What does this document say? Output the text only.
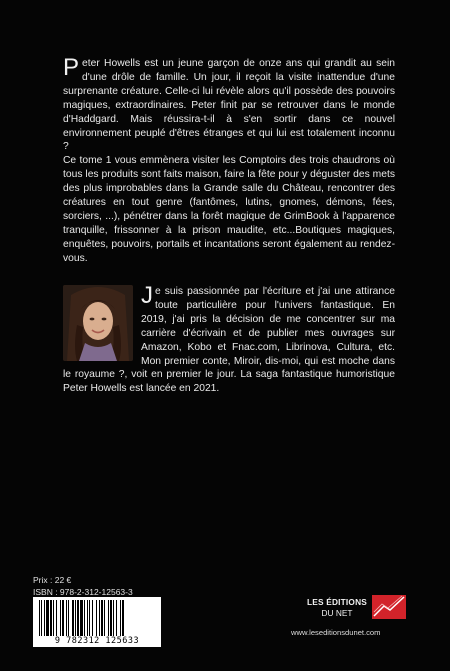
Peter Howells est un jeune garçon de onze ans qui grandit au sein d'une drôle de famille. Un jour, il reçoit la visite inattendue d'une surprenante créature. Celle-ci lui révèle alors qu'il possède des pouvoirs magiques, extraordinaires. Peter finit par se retrouver dans le monde d'Haddgard. Mais réussira-t-il à s'en sortir dans ce nouvel environnement peuplé d'êtres étranges et qui lui est totalement inconnu ?

Ce tome 1 vous emmènera visiter les Comptoirs des trois chaudrons où tous les produits sont faits maison, faire la fête pour y déguster des mets des plus improbables dans la Grande salle du Château, rencontrer des créatures en tout genre (fantômes, lutins, gnomes, démons, fées, sorciers, ...), pénétrer dans la forêt magique de GrimBook à l'apparence tranquille, frissonner à la prison maudite, etc...Boutiques magiques, enquêtes, pouvoirs, portails et incantations seront également au rendez-vous.

Je suis passionnée par l'écriture et j'ai une attirance toute particulière pour l'univers fantastique. En 2019, j'ai pris la décision de me concentrer sur ma carrière d'écrivain et de publier mes ouvrages sur Amazon, Kobo et Fnac.com, Librinova, Cultura, etc. Mon premier conte, Miroir, dis-moi, qui est moche dans le royaume ?, voit en premier le jour. La saga fantastique humoristique Peter Howells est lancée en 2021.

Prix : 22 €
ISBN : 978-2-312-12563-3
9 782312 125633
LES ÉDITIONS
DU NET
www.leseditionsdunet.com
